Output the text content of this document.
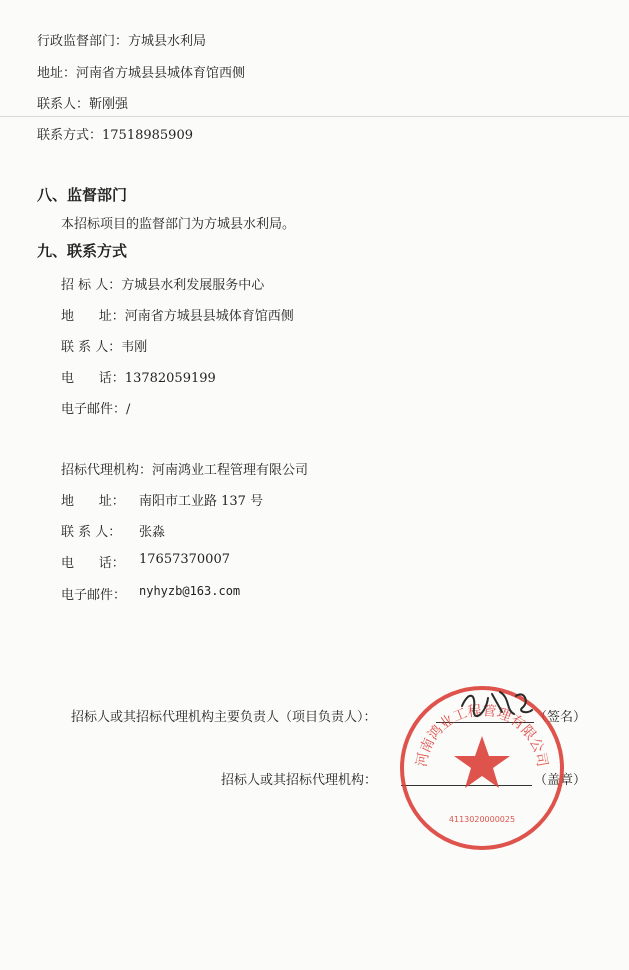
行政监督部门：方城县水利局
地址：河南省方城县县城体育馆西侧
联系人：靳刚强
联系方式：17518985909
八、监督部门
本招标项目的监督部门为方城县水利局。
九、联系方式
招 标 人：方城县水利发展服务中心
地      址：河南省方城县县城体育馆西侧
联 系 人：韦刚
电      话：13782059199
电子邮件：/
招标代理机构：河南鸿业工程管理有限公司
地      址： 南阳市工业路 137 号
联 系 人： 张淼
电      话： 17657370007
电子邮件： nyhyzb@163.com
招标人或其招标代理机构主要负责人（项目负责人）：	（签名）
招标人或其招标代理机构：	（盖章）
河南鸿业工程管理有限公司
4113020000025
